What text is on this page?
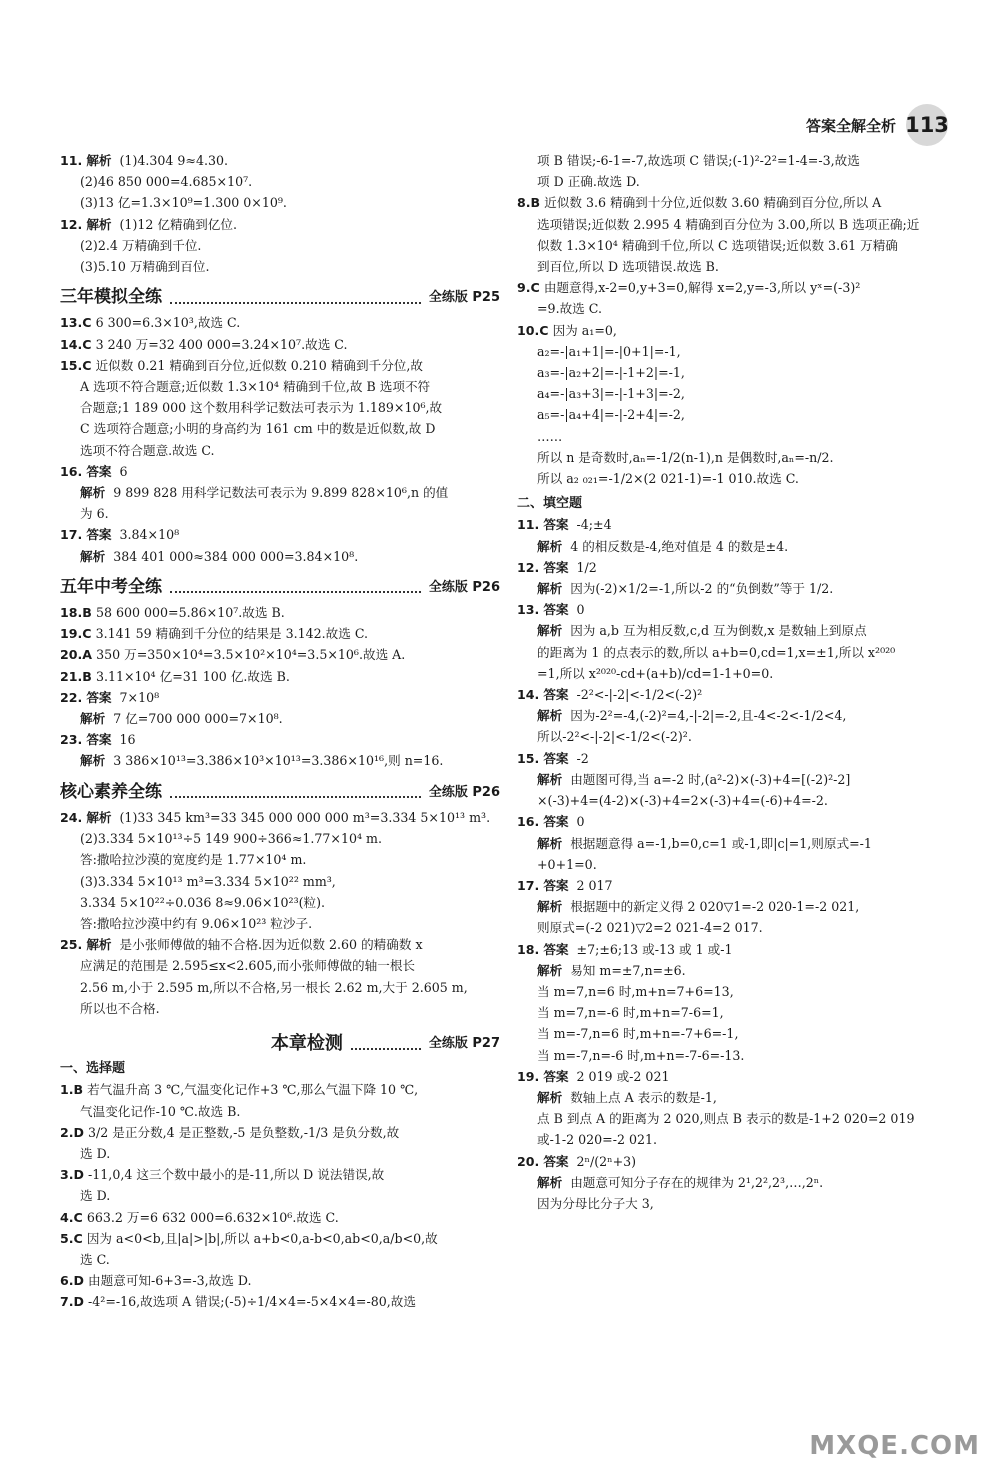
答案全解全析 113
11. 解析 (1)4.304 9≈4.30.
(2)46 850 000=4.685×10⁷.
(3)13 亿=1.3×10⁹=1.300 0×10⁹.
12. 解析 (1)12 亿精确到亿位.
(2)2.4 万精确到千位.
(3)5.10 万精确到百位.
三年模拟全练	全练版 P25
13.C 6 300=6.3×10³,故选 C.
14.C 3 240 万=32 400 000=3.24×10⁷.故选 C.
15.C 近似数 0.21 精确到百分位,近似数 0.210 精确到千分位,故
A 选项不符合题意;近似数 1.3×10⁴ 精确到千位,故 B 选项不符
合题意;1 189 000 这个数用科学记数法可表示为 1.189×10⁶,故
C 选项符合题意;小明的身高约为 161 cm 中的数是近似数,故 D
选项不符合题意.故选 C.
16. 答案 6
解析 9 899 828 用科学记数法可表示为 9.899 828×10⁶,n 的值
为 6.
17. 答案 3.84×10⁸
解析 384 401 000≈384 000 000=3.84×10⁸.
五年中考全练	全练版 P26
18.B 58 600 000=5.86×10⁷.故选 B.
19.C 3.141 59 精确到千分位的结果是 3.142.故选 C.
20.A 350 万=350×10⁴=3.5×10²×10⁴=3.5×10⁶.故选 A.
21.B 3.11×10⁴ 亿=31 100 亿.故选 B.
22. 答案 7×10⁸
解析 7 亿=700 000 000=7×10⁸.
23. 答案 16
解析 3 386×10¹³=3.386×10³×10¹³=3.386×10¹⁶,则 n=16.
核心素养全练	全练版 P26
24. 解析 (1)33 345 km³=33 345 000 000 000 m³=3.334 5×10¹³ m³.
(2)3.334 5×10¹³÷5 149 900÷366≈1.77×10⁴ m.
答:撒哈拉沙漠的宽度约是 1.77×10⁴ m.
(3)3.334 5×10¹³ m³=3.334 5×10²² mm³,
3.334 5×10²²÷0.036 8≈9.06×10²³(粒).
答:撒哈拉沙漠中约有 9.06×10²³ 粒沙子.
25. 解析 是小张师傅做的轴不合格.因为近似数 2.60 的精确数 x
应满足的范围是 2.595≤x<2.605,而小张师傅做的轴一根长
2.56 m,小于 2.595 m,所以不合格,另一根长 2.62 m,大于 2.605 m,
所以也不合格.
本章检测	全练版 P27
一、选择题
1.B 若气温升高 3 ℃,气温变化记作+3 ℃,那么气温下降 10 ℃,
气温变化记作-10 ℃.故选 B.
2.D 3/2 是正分数,4 是正整数,-5 是负整数,-1/3 是负分数,故
选 D.
3.D -11,0,4 这三个数中最小的是-11,所以 D 说法错误,故
选 D.
4.C 663.2 万=6 632 000=6.632×10⁶.故选 C.
5.C 因为 a<0<b,且|a|>|b|,所以 a+b<0,a-b<0,ab<0,a/b<0,故
选 C.
6.D 由题意可知-6+3=-3,故选 D.
7.D -4²=-16,故选项 A 错误;(-5)÷1/4×4=-5×4×4=-80,故选
项 B 错误;-6-1=-7,故选项 C 错误;(-1)²-2²=1-4=-3,故选
项 D 正确.故选 D.
8.B 近似数 3.6 精确到十分位,近似数 3.60 精确到百分位,所以 A
选项错误;近似数 2.995 4 精确到百分位为 3.00,所以 B 选项正确;近
似数 1.3×10⁴ 精确到千位,所以 C 选项错误;近似数 3.61 万精确
到百位,所以 D 选项错误.故选 B.
9.C 由题意得,x-2=0,y+3=0,解得 x=2,y=-3,所以 yˣ=(-3)²
=9.故选 C.
10.C 因为 a₁=0,
a₂=-|a₁+1|=-|0+1|=-1,
a₃=-|a₂+2|=-|-1+2|=-1,
a₄=-|a₃+3|=-|-1+3|=-2,
a₅=-|a₄+4|=-|-2+4|=-2,
……
所以 n 是奇数时,aₙ=-1/2(n-1),n 是偶数时,aₙ=-n/2.
所以 a₂ ₀₂₁=-1/2×(2 021-1)=-1 010.故选 C.
二、填空题
11. 答案 -4;±4
解析 4 的相反数是-4,绝对值是 4 的数是±4.
12. 答案 1/2
解析 因为(-2)×1/2=-1,所以-2 的“负倒数”等于 1/2.
13. 答案 0
解析 因为 a,b 互为相反数,c,d 互为倒数,x 是数轴上到原点
的距离为 1 的点表示的数,所以 a+b=0,cd=1,x=±1,所以 x²⁰²⁰
=1,所以 x²⁰²⁰-cd+(a+b)/cd=1-1+0=0.
14. 答案 -2²<-|-2|<-1/2<(-2)²
解析 因为-2²=-4,(-2)²=4,-|-2|=-2,且-4<-2<-1/2<4,
所以-2²<-|-2|<-1/2<(-2)².
15. 答案 -2
解析 由题图可得,当 a=-2 时,(a²-2)×(-3)+4=[(-2)²-2]
×(-3)+4=(4-2)×(-3)+4=2×(-3)+4=(-6)+4=-2.
16. 答案 0
解析 根据题意得 a=-1,b=0,c=1 或-1,即|c|=1,则原式=-1
+0+1=0.
17. 答案 2 017
解析 根据题中的新定义得 2 020▽1=-2 020-1=-2 021,
则原式=(-2 021)▽2=2 021-4=2 017.
18. 答案 ±7;±6;13 或-13 或 1 或-1
解析 易知 m=±7,n=±6.
当 m=7,n=6 时,m+n=7+6=13,
当 m=7,n=-6 时,m+n=7-6=1,
当 m=-7,n=6 时,m+n=-7+6=-1,
当 m=-7,n=-6 时,m+n=-7-6=-13.
19. 答案 2 019 或-2 021
解析 数轴上点 A 表示的数是-1,
点 B 到点 A 的距离为 2 020,则点 B 表示的数是-1+2 020=2 019
或-1-2 020=-2 021.
20. 答案 2ⁿ/(2ⁿ+3)
解析 由题意可知分子存在的规律为 2¹,2²,2³,…,2ⁿ.
因为分母比分子大 3,
MXQE.COM
